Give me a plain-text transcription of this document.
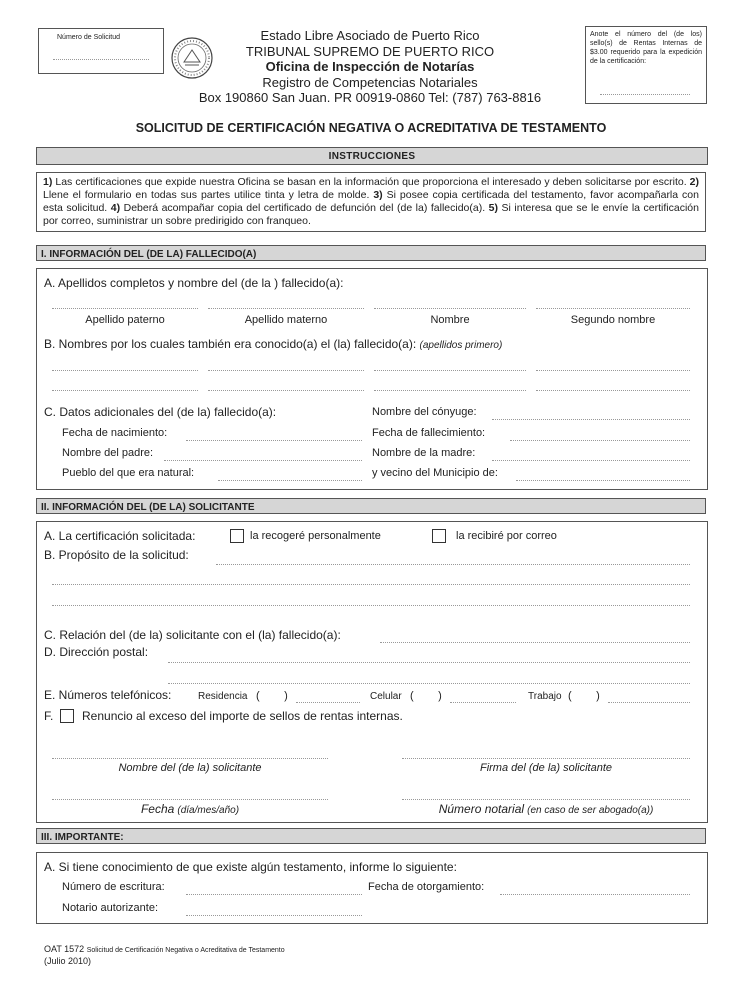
Número de Solicitud	Estado Libre Asociado de Puerto Rico
TRIBUNAL SUPREMO DE PUERTO RICO
Oficina de Inspección de Notarías
Registro de Competencias Notariales
Box 190860 San Juan. PR 00919-0860 Tel: (787) 763-8816
Anote el número del (de los) sello(s) de Rentas Internas de $3.00 requerido para la expedición de la certificación:
SOLICITUD DE CERTIFICACIÓN NEGATIVA O ACREDITATIVA DE TESTAMENTO
INSTRUCCIONES
1) Las certificaciones que expide nuestra Oficina se basan en la información que proporciona el interesado y deben solicitarse por escrito. 2) Llene el formulario en todas sus partes utilice tinta y letra de molde. 3) Si posee copia certificada del testamento, favor acompañarla con esta solicitud. 4) Deberá acompañar copia del certificado de defunción del (de la) fallecido(a). 5) Si interesa que se le envíe la certificación por correo, suministrar un sobre predirigido con franqueo.
I. INFORMACIÓN DEL (DE LA) FALLECIDO(A)
A. Apellidos completos y nombre del (de la ) fallecido(a):
Apellido paterno	Apellido materno	Nombre	Segundo nombre
B. Nombres por los cuales también era conocido(a) el (la) fallecido(a): (apellidos primero)
C. Datos adicionales del (de la) fallecido(a):	Nombre del cónyuge:
Fecha de nacimiento:	Fecha de fallecimiento:
Nombre del padre:	Nombre de la madre:
Pueblo del que era natural:	y vecino del Municipio de:
II. INFORMACIÓN DEL (DE LA) SOLICITANTE
A. La certificación solicitada:	la recogeré personalmente	la recibiré por correo
B. Propósito de la solicitud:
C. Relación del (de la) solicitante con el (la) fallecido(a):
D. Dirección postal:
E. Números telefónicos:	Residencia (        )	Celular (        )	Trabajo (        )
F. Renuncio al exceso del importe de sellos de rentas internas.
Nombre del (de la) solicitante	Firma del (de la) solicitante
Fecha (día/mes/año)	Número notarial (en caso de ser abogado(a))
III. IMPORTANTE:
A. Si tiene conocimiento de que existe algún testamento, informe lo siguiente:
Número de escritura:	Fecha de otorgamiento:
Notario autorizante:
OAT 1572 Solicitud de Certificación Negativa o Acreditativa de Testamento
(Julio 2010)
